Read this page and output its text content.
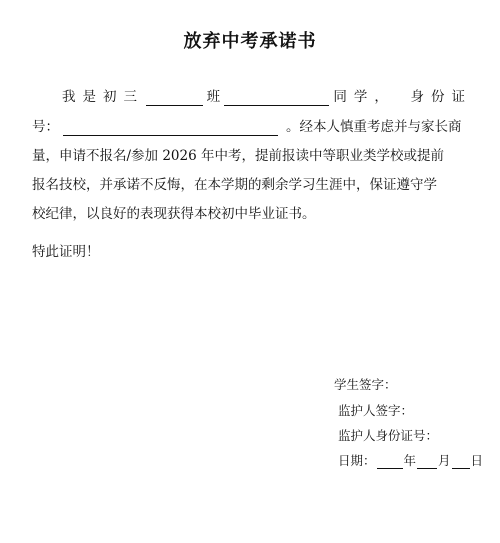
放弃中考承诺书
我是初三	班	同学， 身份证
号：	。经本人慎重考虑并与家长商
量，申请不报名/参加 2026 年中考，提前报读中等职业类学校或提前
报名技校，并承诺不反悔，在本学期的剩余学习生涯中，保证遵守学
校纪律，以良好的表现获得本校初中毕业证书。
特此证明！
学生签字：
监护人签字：
监护人身份证号：
日期： 年 月 日
